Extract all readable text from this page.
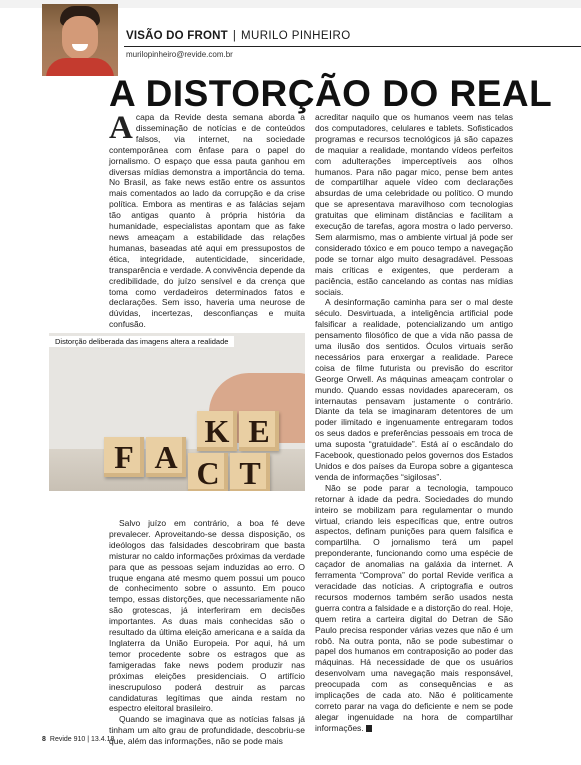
VISÃO DO FRONT | MURILO PINHEIRO
murilopinheiro@revide.com.br
A DISTORÇÃO DO REAL

Acapa da Revide desta semana aborda a disseminação de notícias e de conteúdos falsos, via internet, na sociedade contemporânea com ênfase para o papel do jornalismo. O espaço que essa pauta ganhou em diversas mídias demonstra a importância do tema. No Brasil, as fake news estão entre os assuntos mais comentados ao lado da corrupção e da crise política. Embora as mentiras e as falácias sejam tão antigas quanto à própria história da humanidade, especialistas apontam que as fake news ameaçam a estabilidade das relações humanas, baseadas até aqui em pressupostos de ética, integridade, autenticidade, sinceridade, transparência e verdade. A convivência depende da credibilidade, do juízo sensível e da crença que toma como verdadeiros determinados fatos e declarações. Sem isso, haveria uma neurose de dúvidas, incertezas, desconfianças e muita confusão.

K E
F A C T
Distorção deliberada das imagens altera a realidade

Salvo juízo em contrário, a boa fé deve prevalecer. Aproveitando-se dessa disposição, os ideólogos das falsidades descobriram que basta misturar no caldo informações próximas da verdade para que as pessoas sejam induzidas ao erro. O truque engana até mesmo quem possui um pouco de conhecimento sobre o assunto. Em pouco tempo, essas distorções, que necessariamente não são grotescas, já interferiram em decisões importantes. As duas mais conhecidas são o resultado da última eleição americana e a saída da Inglaterra da União Europeia. Por aqui, há um temor procedente sobre os estragos que as famigeradas fake news podem produzir nas próximas eleições presidenciais. O artifício inescrupuloso poderá destruir as parcas candidaturas legítimas que ainda restam no espectro eleitoral brasileiro.

Quando se imaginava que as notícias falsas já tinham um alto grau de profundidade, descobriu-se que, além das informações, não se pode mais

acreditar naquilo que os humanos veem nas telas dos computadores, celulares e tablets. Sofisticados programas e recursos tecnológicos já são capazes de maquiar a realidade, montando vídeos perfeitos com adulterações imperceptíveis aos olhos humanos. Para não pagar mico, pense bem antes de compartilhar aquele vídeo com declarações absurdas de uma celebridade ou político. O mundo que se apresentava maravilhoso com tecnologias gratuitas que eliminam distâncias e facilitam a execução de tarefas, agora mostra o lado perverso. Sem alarmismo, mas o ambiente virtual já pode ser considerado tóxico e em pouco tempo a navegação pode se tornar algo muito desagradável. Pessoas mais críticas e exigentes, que perderam a paciência, estão cancelando as contas nas mídias sociais.

A desinformação caminha para ser o mal deste século. Desvirtuada, a inteligência artificial pode falsificar a realidade, potencializando um antigo pensamento filosófico de que a vida não passa de uma ilusão dos sentidos. Óculos virtuais serão necessários para enxergar a realidade. Parece coisa de filme futurista ou previsão do escritor George Orwell. As máquinas ameaçam controlar o mundo. Quando essas novidades apareceram, os internautas pensavam justamente o contrário. Diante da tela se imaginaram detentores de um poder ilimitado e ingenuamente entregaram todos os seus dados e preferências pessoais em troca de uma suposta “gratuidade”. Está aí o escândalo do Facebook, questionado pelos governos dos Estados Unidos e dos países da Europa sobre a gigantesca venda de informações “sigilosas”.

Não se pode parar a tecnologia, tampouco retornar à idade da pedra. Sociedades do mundo inteiro se mobilizam para regulamentar o mundo virtual, criando leis específicas que, entre outros aspectos, definam punições para quem falsifica e compartilha. O jornalismo terá um papel preponderante, funcionando como uma espécie de caçador de anomalias na galáxia da internet. A ferramenta “Comprova” do portal Revide verifica a veracidade das notícias. A criptografia e outros recursos modernos também serão usados nesta guerra contra a falsidade e a distorção do real. Hoje, quem retira a carteira digital do Detran de São Paulo precisa responder várias vezes que não é um robô. Na outra ponta, não se pode subestimar o papel dos humanos em contraposição ao poder das máquinas. Há necessidade de que os usuários desenvolvam uma navegação mais responsável, preocupada com as consequências e as implicações de cada ato. Não é politicamente correto parar na vaga do deficiente e nem se pode alegar ingenuidade na hora de compartilhar informações.

8 Revide 910 | 13.4.18
